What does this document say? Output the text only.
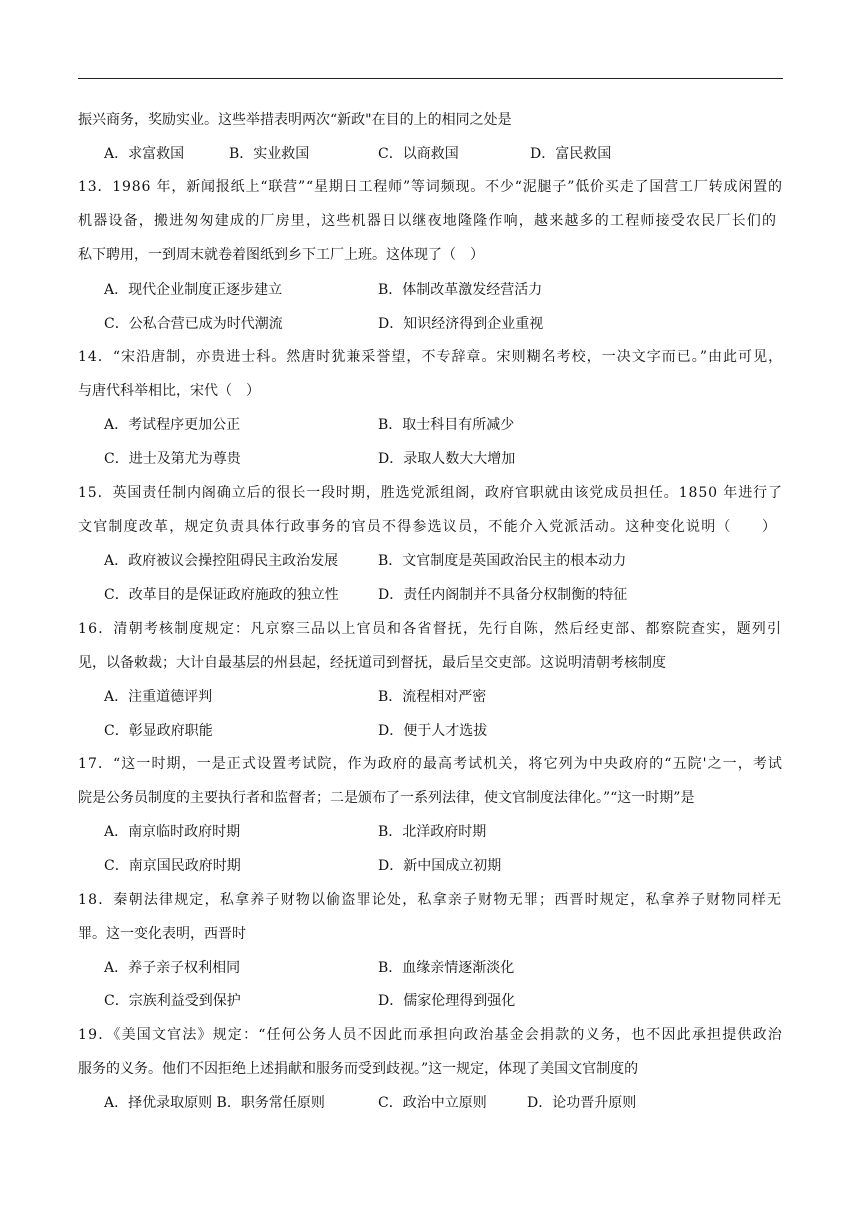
振兴商务，奖励实业。这些举措表明两次“新政"在目的上的相同之处是
A．求富救国	B．实业救国	C．以商救国	D．富民救国
13．1986 年，新闻报纸上“联营”“星期日工程师”等词频现。不少“泥腿子”低价买走了国营工厂转成闲置的
机器设备，搬进匆匆建成的厂房里，这些机器日以继夜地隆隆作响，越来越多的工程师接受农民厂长们的
私下聘用，一到周末就卷着图纸到乡下工厂上班。这体现了（　）
A．现代企业制度正逐步建立	B．体制改革激发经营活力
C．公私合营已成为时代潮流	D．知识经济得到企业重视
14．“宋沿唐制，亦贵进士科。然唐时犹兼采誉望，不专辞章。宋则糊名考校，一决文字而已。”由此可见，
与唐代科举相比，宋代（　）
A．考试程序更加公正	B．取士科目有所减少
C．进士及第尤为尊贵	D．录取人数大大增加
15．英国责任制内阁确立后的很长一段时期，胜选党派组阁，政府官职就由该党成员担任。1850 年进行了
文官制度改革，规定负责具体行政事务的官员不得参选议员，不能介入党派活动。这种变化说明（　　）
A．政府被议会操控阻碍民主政治发展	B．文官制度是英国政治民主的根本动力
C．改革目的是保证政府施政的独立性	D．责任内阁制并不具备分权制衡的特征
16．清朝考核制度规定：凡京察三品以上官员和各省督抚，先行自陈，然后经吏部、都察院查实，题列引
见，以备敕裁；大计自最基层的州县起，经抚道司到督抚，最后呈交吏部。这说明清朝考核制度
A．注重道德评判	B．流程相对严密
C．彰显政府职能	D．便于人才选拔
17．“这一时期，一是正式设置考试院，作为政府的最高考试机关，将它列为中央政府的“五院'之一，考试
院是公务员制度的主要执行者和监督者；二是颁布了一系列法律，使文官制度法律化。”“这一时期”是
A．南京临时政府时期	B．北洋政府时期
C．南京国民政府时期	D．新中国成立初期
18．秦朝法律规定，私拿养子财物以偷盗罪论处，私拿亲子财物无罪；西晋时规定，私拿养子财物同样无
罪。这一变化表明，西晋时
A．养子亲子权利相同	B．血缘亲情逐渐淡化
C．宗族利益受到保护	D．儒家伦理得到强化
19．《美国文官法》规定：“任何公务人员不因此而承担向政治基金会捐款的义务，也不因此承担提供政治
服务的义务。他们不因拒绝上述捐献和服务而受到歧视。”这一规定，体现了美国文官制度的
A．择优录取原则 B．职务常任原则	C．政治中立原则	D．论功晋升原则
